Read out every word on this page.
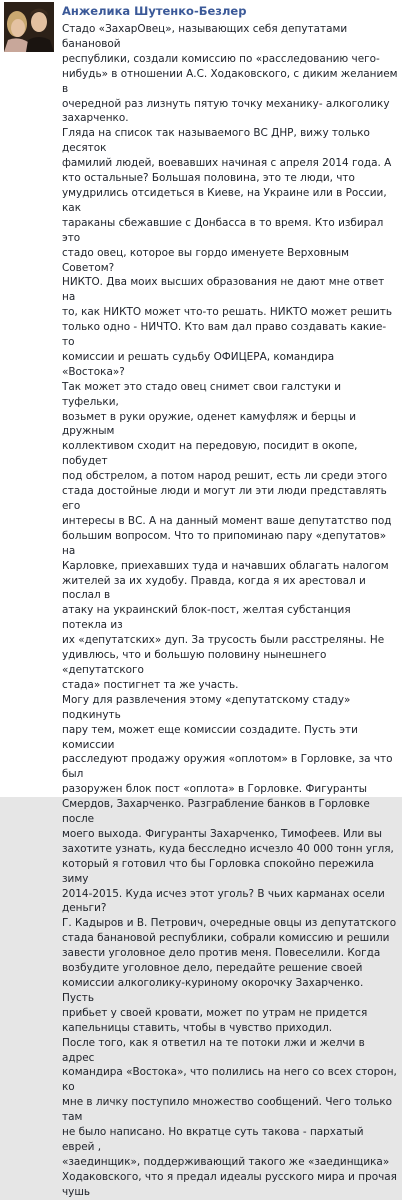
Анжелика Шутенко-Безлер

Стадо «ЗахарОвец», называющих себя депутатами банановой
республики, создали комиссию по «расследованию чего-
нибудь» в отношении А.С. Ходаковского, с диким желанием в
очередной раз лизнуть пятую точку механику- алкоголику
захарченко.

Гляда на список так называемого ВС ДНР, вижу только десяток
фамилий людей, воевавших начиная с апреля 2014 года. А
кто остальные? Большая половина, это те люди, что
умудрились отсидеться в Киеве, на Украине или в России, как
тараканы сбежавшие с Донбасса в то время. Кто избирал это
стадо овец, которое вы гордо именуете Верховным Советом?
НИКТО. Два моих высших образования не дают мне ответ на
то, как НИКТО может что-то решать. НИКТО может решить
только одно - НИЧТО. Кто вам дал право создавать какие-то
комиссии и решать судьбу ОФИЦЕРА, командира «Востока»?
Так может это стадо овец снимет свои галстуки и туфельки,
возьмет в руки оружие, оденет камуфляж и берцы и дружным
коллективом сходит на передовую, посидит в окопе, побудет
под обстрелом, а потом народ решит, есть ли среди этого
стада достойные люди и могут ли эти люди представлять его
интересы в ВС. А на данный момент ваше депутатство под
большим вопросом. Что то припоминаю пару «депутатов» на
Карловке, приехавших туда и начавших облагать налогом
жителей за их худобу. Правда, когда я их арестовал и послал в
атаку на украинский блок-пост, желтая субстанция потекла из
их «депутатских» дуп. За трусость были расстреляны. Не
удивлюсь, что и большую половину нынешнего «депутатского
стада» постигнет та же участь.

Могу для развлечения этому «депутатскому стаду» подкинуть
пару тем, может еще комиссии создадите. Пусть эти комиссии
расследуют продажу оружия «оплотом» в Горловке, за что был
разоружен блок пост «оплота» в Горловке. Фигуранты
Смердов, Захарченко. Разграбление банков в Горловке после
моего выхода. Фигуранты Захарченко, Тимофеев. Или вы
захотите узнать, куда бесследно исчезло 40 000 тонн угля,
который я готовил что бы Горловка спокойно пережила зиму
2014-2015. Куда исчез этот уголь? В чьих карманах осели
деньги?

Г. Кадыров и В. Петрович, очередные овцы из депутатского
стада банановой республики, собрали комиссию и решили
завести уголовное дело против меня. Повеселили. Когда
возбудите уголовное дело, передайте решение своей
комиссии алкоголику-куриному окорочку Захарченко. Пусть
прибьет у своей кровати, может по утрам не придется
капельницы ставить, чтобы в чувство приходил.

После того, как я ответил на те потоки лжи и желчи в адрес
командира «Востока», что полились на него со всех сторон, ко
мне в личку поступило множество сообщений. Чего только там
не было написано. Но вкратце суть такова - пархатый еврей ,
«заединщик», поддерживающий такого же «заединщика»
Ходаковского, что я предал идеалы русского мира и прочая
чушь
